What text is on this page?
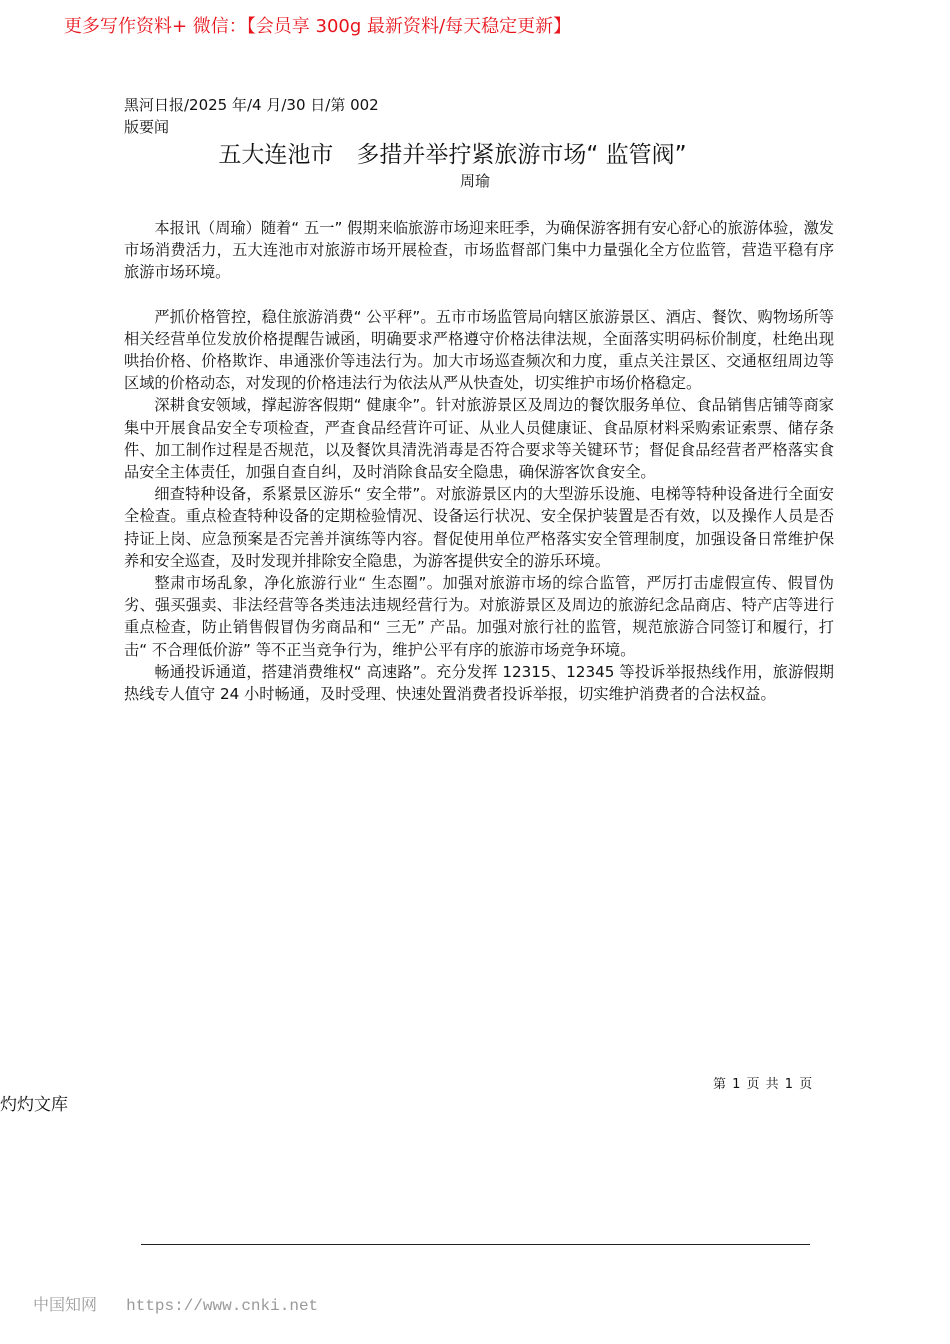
更多写作资料+ 微信：【会员享 300g 最新资料/每天稳定更新】
黑河日报/2025 年/4 月/30 日/第 002
版要闻
五大连池市　多措并举拧紧旅游市场“ 监管阀”
周瑜

本报讯（周瑜）随着“ 五一” 假期来临旅游市场迎来旺季，为确保游客拥有安心舒心的旅游体验，激发市场消费活力，五大连池市对旅游市场开展检查，市场监督部门集中力量强化全方位监管，营造平稳有序旅游市场环境。

严抓价格管控，稳住旅游消费“ 公平秤”。五市市场监管局向辖区旅游景区、酒店、餐饮、购物场所等相关经营单位发放价格提醒告诫函，明确要求严格遵守价格法律法规，全面落实明码标价制度，杜绝出现哄抬价格、价格欺诈、串通涨价等违法行为。加大市场巡查频次和力度，重点关注景区、交通枢纽周边等区域的价格动态，对发现的价格违法行为依法从严从快查处，切实维护市场价格稳定。

深耕食安领域，撑起游客假期“ 健康伞”。针对旅游景区及周边的餐饮服务单位、食品销售店铺等商家集中开展食品安全专项检查，严查食品经营许可证、从业人员健康证、食品原材料采购索证索票、储存条件、加工制作过程是否规范，以及餐饮具清洗消毒是否符合要求等关键环节；督促食品经营者严格落实食品安全主体责任，加强自查自纠，及时消除食品安全隐患，确保游客饮食安全。

细查特种设备，系紧景区游乐“ 安全带”。对旅游景区内的大型游乐设施、电梯等特种设备进行全面安全检查。重点检查特种设备的定期检验情况、设备运行状况、安全保护装置是否有效，以及操作人员是否持证上岗、应急预案是否完善并演练等内容。督促使用单位严格落实安全管理制度，加强设备日常维护保养和安全巡查，及时发现并排除安全隐患，为游客提供安全的游乐环境。

整肃市场乱象，净化旅游行业“ 生态圈”。加强对旅游市场的综合监管，严厉打击虚假宣传、假冒伪劣、强买强卖、非法经营等各类违法违规经营行为。对旅游景区及周边的旅游纪念品商店、特产店等进行重点检查，防止销售假冒伪劣商品和“ 三无” 产品。加强对旅行社的监管，规范旅游合同签订和履行，打击“ 不合理低价游” 等不正当竞争行为，维护公平有序的旅游市场竞争环境。

畅通投诉通道，搭建消费维权“ 高速路”。充分发挥 12315、12345 等投诉举报热线作用，旅游假期热线专人值守 24 小时畅通，及时受理、快速处置消费者投诉举报，切实维护消费者的合法权益。

第 1 页 共 1 页
灼灼文库
中国知网 https://www.cnki.net
